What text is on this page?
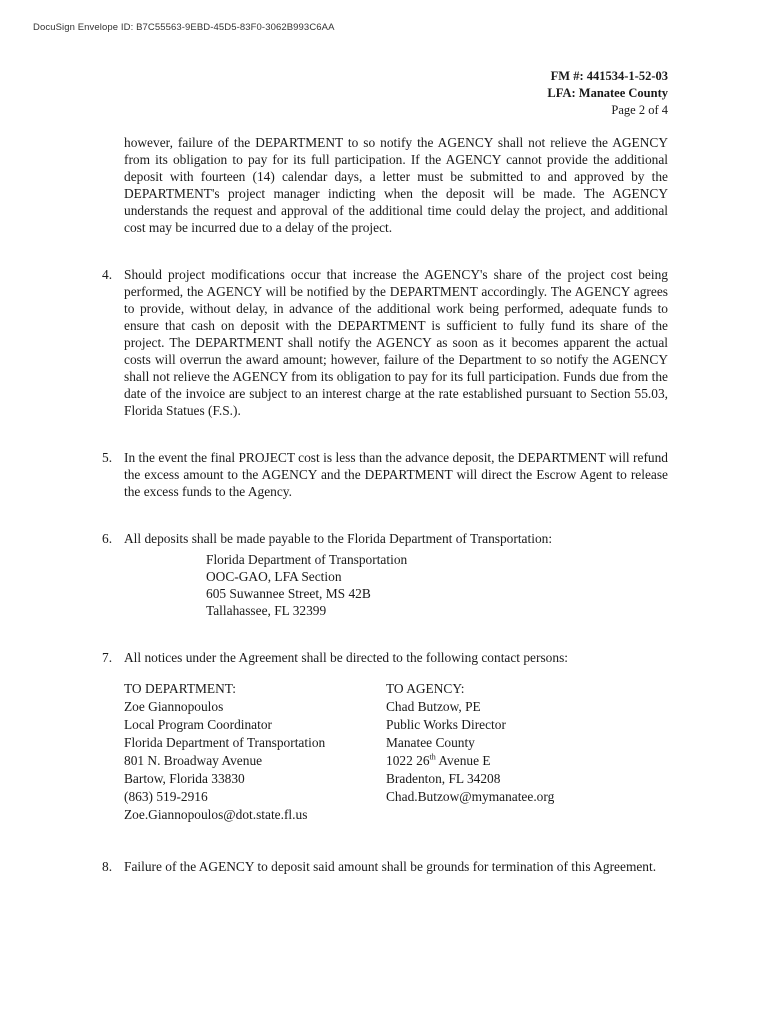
DocuSign Envelope ID: B7C55563-9EBD-45D5-83F0-3062B993C6AA
FM #: 441534-1-52-03
LFA: Manatee County
Page 2 of 4

however, failure of the DEPARTMENT to so notify the AGENCY shall not relieve the AGENCY from its obligation to pay for its full participation. If the AGENCY cannot provide the additional deposit with fourteen (14) calendar days, a letter must be submitted to and approved by the DEPARTMENT's project manager indicting when the deposit will be made. The AGENCY understands the request and approval of the additional time could delay the project, and additional cost may be incurred due to a delay of the project.

4. Should project modifications occur that increase the AGENCY's share of the project cost being performed, the AGENCY will be notified by the DEPARTMENT accordingly. The AGENCY agrees to provide, without delay, in advance of the additional work being performed, adequate funds to ensure that cash on deposit with the DEPARTMENT is sufficient to fully fund its share of the project. The DEPARTMENT shall notify the AGENCY as soon as it becomes apparent the actual costs will overrun the award amount; however, failure of the Department to so notify the AGENCY shall not relieve the AGENCY from its obligation to pay for its full participation. Funds due from the date of the invoice are subject to an interest charge at the rate established pursuant to Section 55.03, Florida Statues (F.S.).
5. In the event the final PROJECT cost is less than the advance deposit, the DEPARTMENT will refund the excess amount to the AGENCY and the DEPARTMENT will direct the Escrow Agent to release the excess funds to the Agency.
6. All deposits shall be made payable to the Florida Department of Transportation:
Florida Department of Transportation
OOC-GAO, LFA Section
605 Suwannee Street, MS 42B
Tallahassee, FL 32399
7. All notices under the Agreement shall be directed to the following contact persons:
TO DEPARTMENT:
Zoe Giannopoulos
Local Program Coordinator
Florida Department of Transportation
801 N. Broadway Avenue
Bartow, Florida 33830
(863) 519-2916
Zoe.Giannopoulos@dot.state.fl.us
TO AGENCY:
Chad Butzow, PE
Public Works Director
Manatee County
1022 26th Avenue E
Bradenton, FL 34208
Chad.Butzow@mymanatee.org
8. Failure of the AGENCY to deposit said amount shall be grounds for termination of this Agreement.
